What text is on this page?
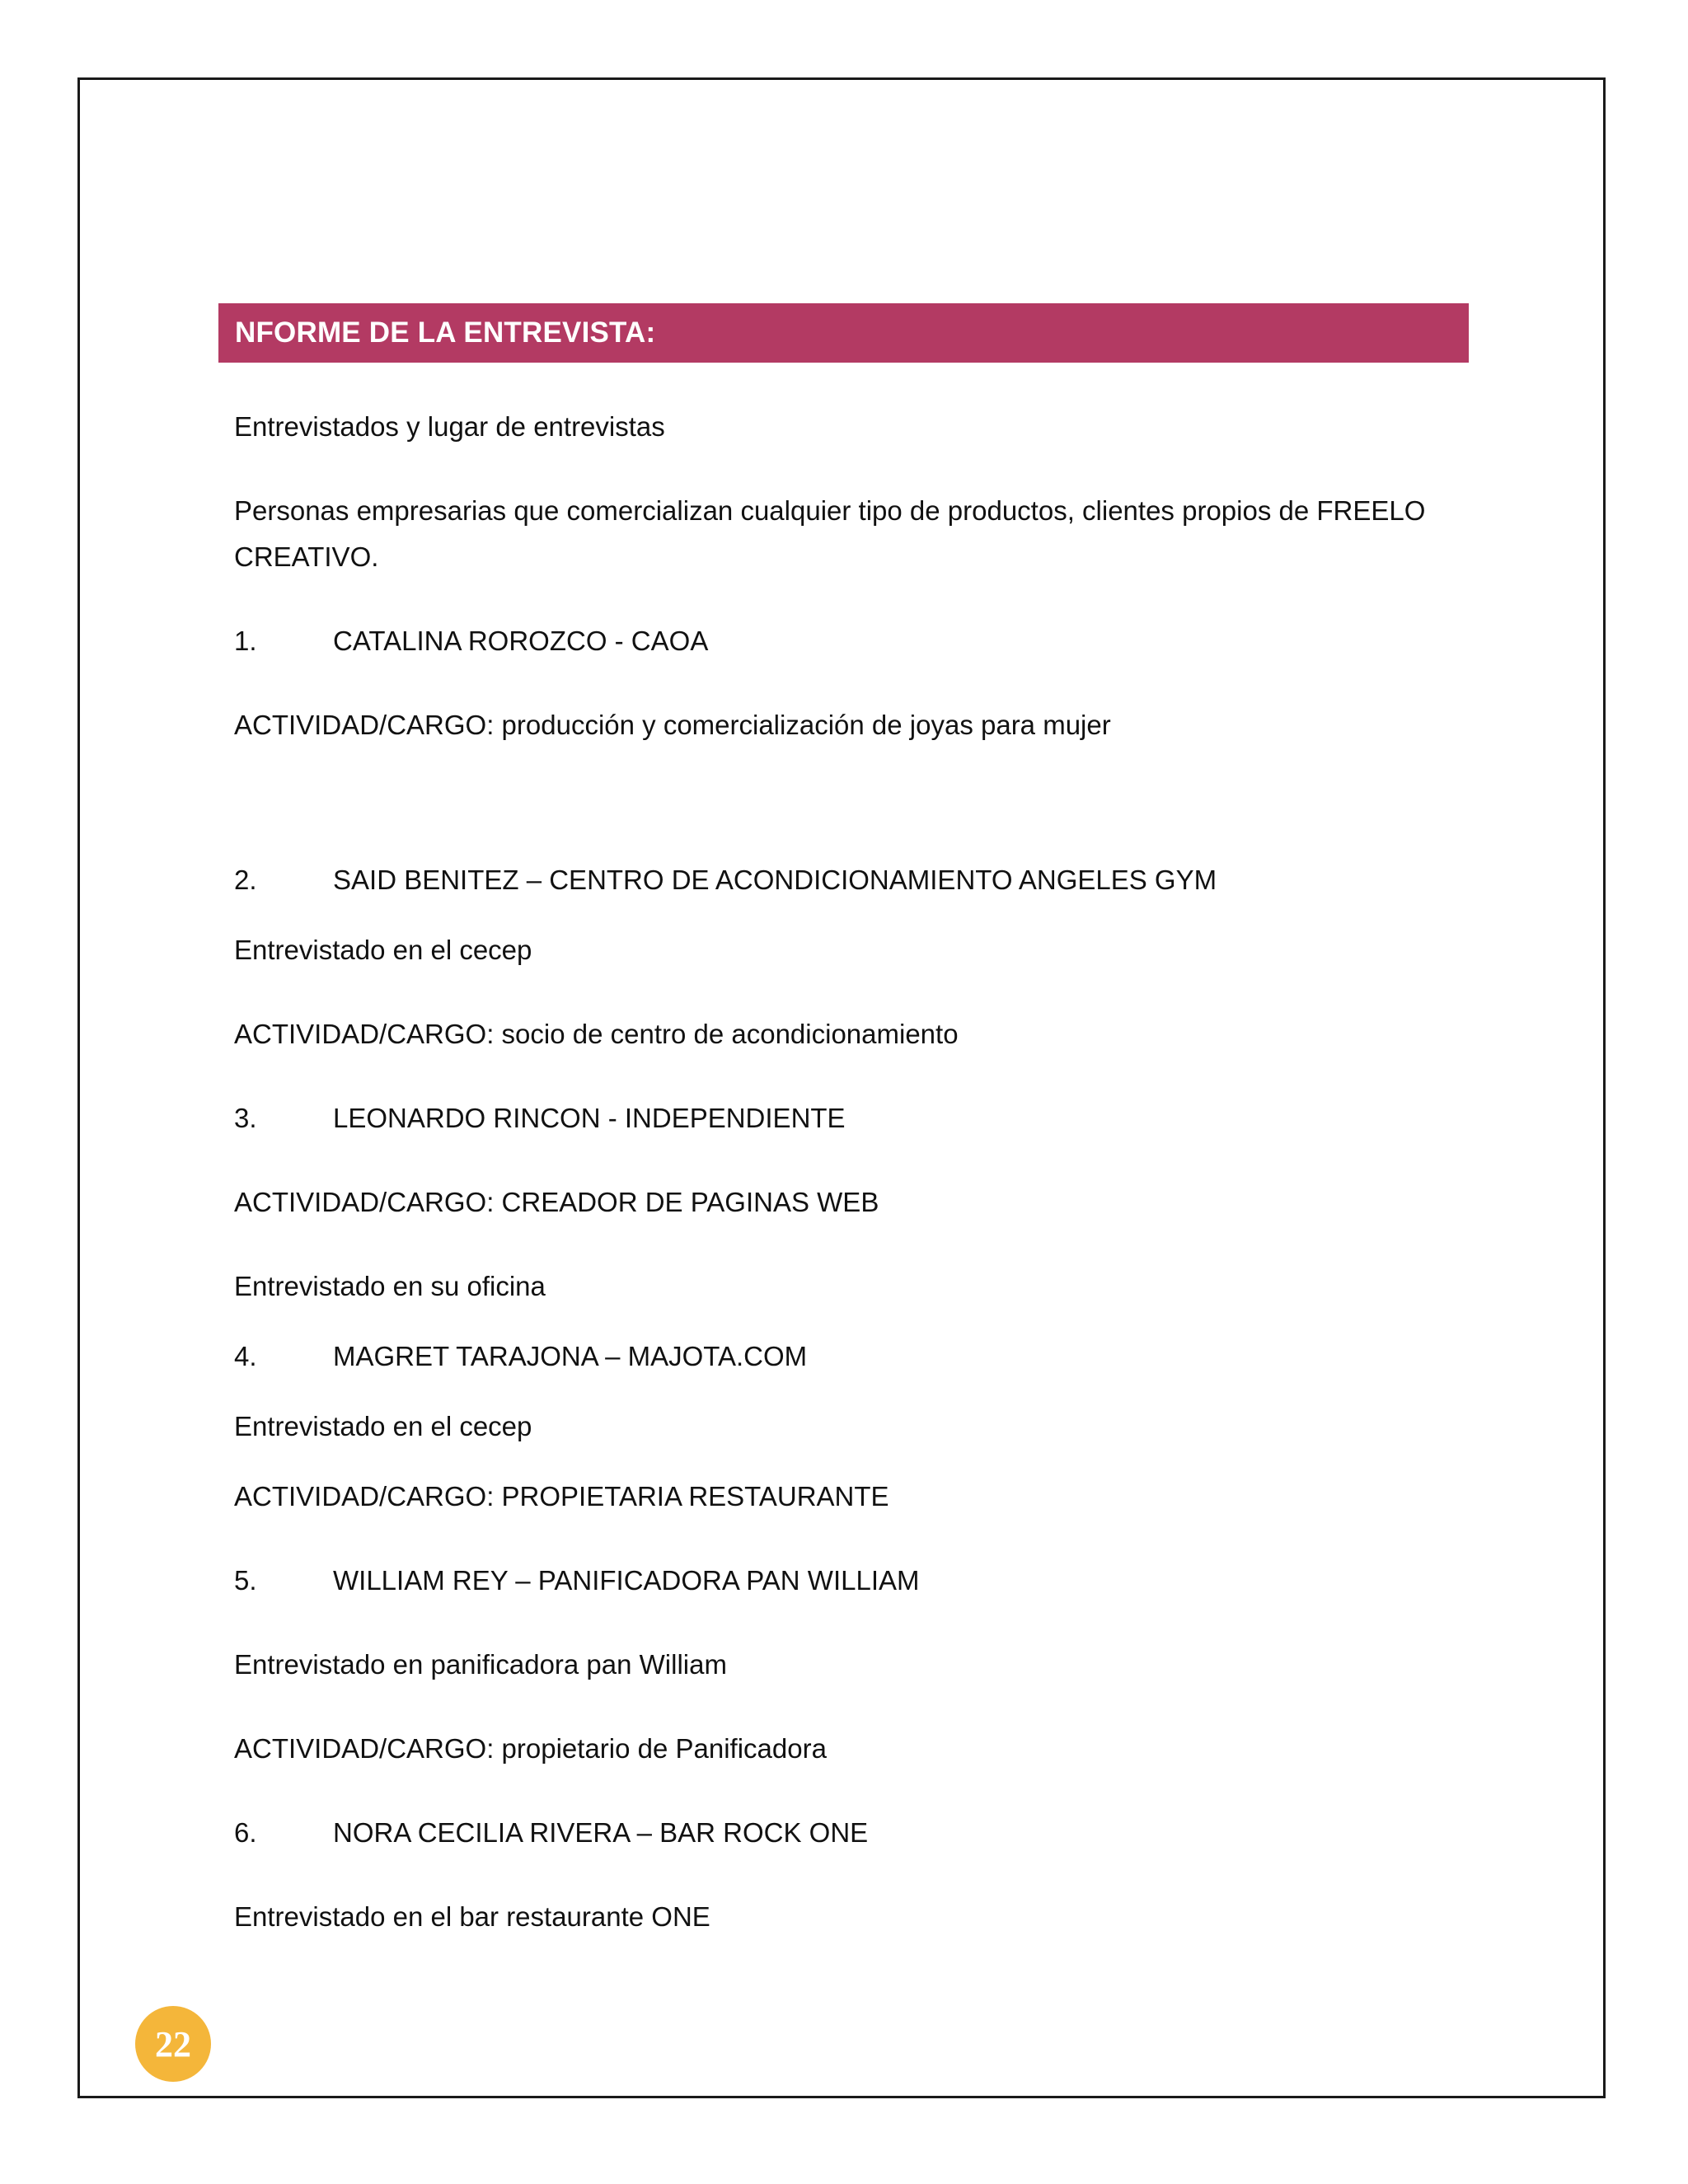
NFORME DE LA ENTREVISTA:
Entrevistados y lugar de entrevistas
Personas empresarias que comercializan cualquier tipo de productos, clientes propios de FREELO CREATIVO.
1.	CATALINA ROROZCO - CAOA
ACTIVIDAD/CARGO: producción y comercialización de joyas para mujer
2.	SAID BENITEZ – CENTRO DE ACONDICIONAMIENTO ANGELES GYM
Entrevistado en el cecep
ACTIVIDAD/CARGO: socio de centro de acondicionamiento
3.	LEONARDO RINCON - INDEPENDIENTE
ACTIVIDAD/CARGO: CREADOR DE PAGINAS WEB
Entrevistado en su oficina
4.	MAGRET TARAJONA – MAJOTA.COM
Entrevistado en el cecep
ACTIVIDAD/CARGO: PROPIETARIA RESTAURANTE
5.	WILLIAM REY – PANIFICADORA PAN WILLIAM
Entrevistado en panificadora pan William
ACTIVIDAD/CARGO: propietario de Panificadora
6.	NORA CECILIA RIVERA – BAR ROCK ONE
Entrevistado en el bar restaurante ONE
22
